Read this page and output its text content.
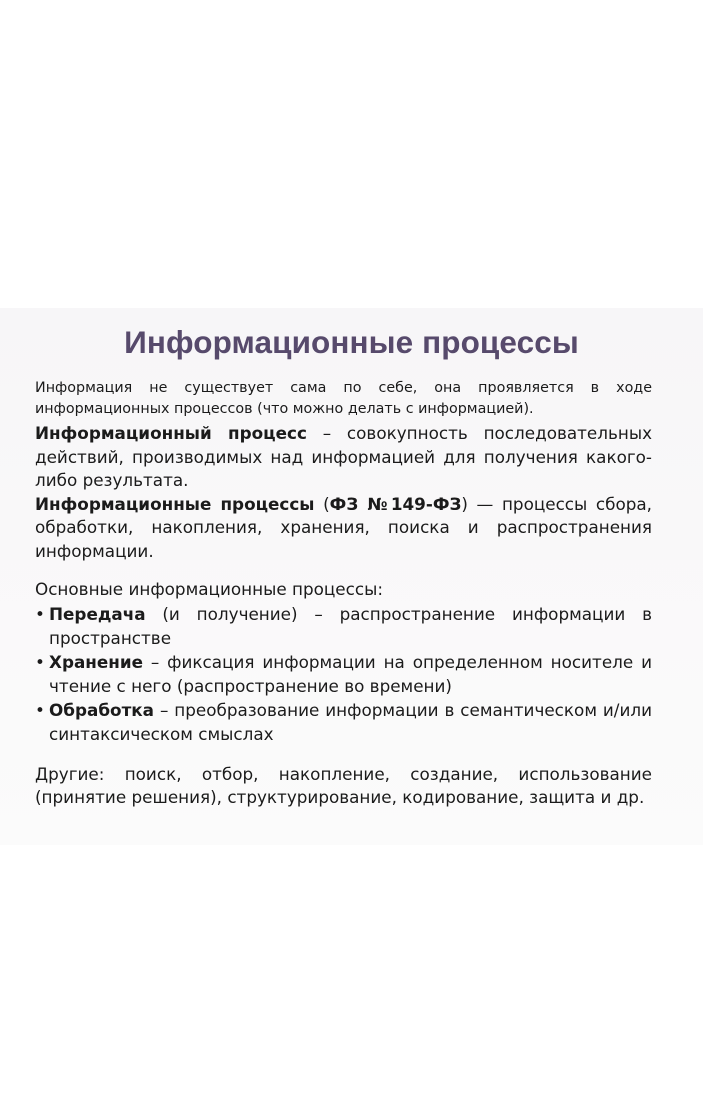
Информационные процессы

Информация не существует сама по себе, она проявляется в ходе информационных процессов (что можно делать с информацией).

Информационный процесс – совокупность последовательных действий, производимых над информацией для получения какого-либо результата.

Информационные процессы (ФЗ №149-ФЗ) — процессы сбора, обработки, накопления, хранения, поиска и распространения информации.

Основные информационные процессы:

• Передача (и получение) – распространение информации в пространстве
• Хранение – фиксация информации на определенном носителе и чтение с него (распространение во времени)
• Обработка – преобразование информации в семантическом и/или синтаксическом смыслах

Другие: поиск, отбор, накопление, создание, использование (принятие решения), структурирование, кодирование, защита и др.
